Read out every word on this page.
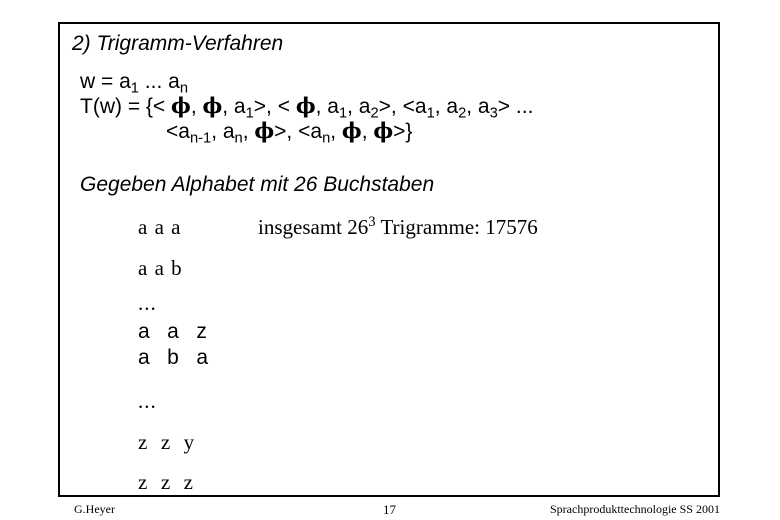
2) Trigramm-Verfahren
$w = a_1$ ... $a_n$
T(w) = {< ϕ, ϕ, $a_1>$, < ϕ, $a_1$, $a_2>$, $<a_1$, $a_2$, $a_3>$ ...
$<a_{n-1}$, $a_n$, ϕ>, $<a_n$, ϕ, ϕ>}
Gegeben Alphabet mit 26 Buchstaben
a a a	insgesamt $26^3$ Trigramme: 17576
a a b
...
a   a   z
a   b   a
...
z  z  y
z  z  z
G.Heyer	17	Sprachprodukttechnologie SS 2001
